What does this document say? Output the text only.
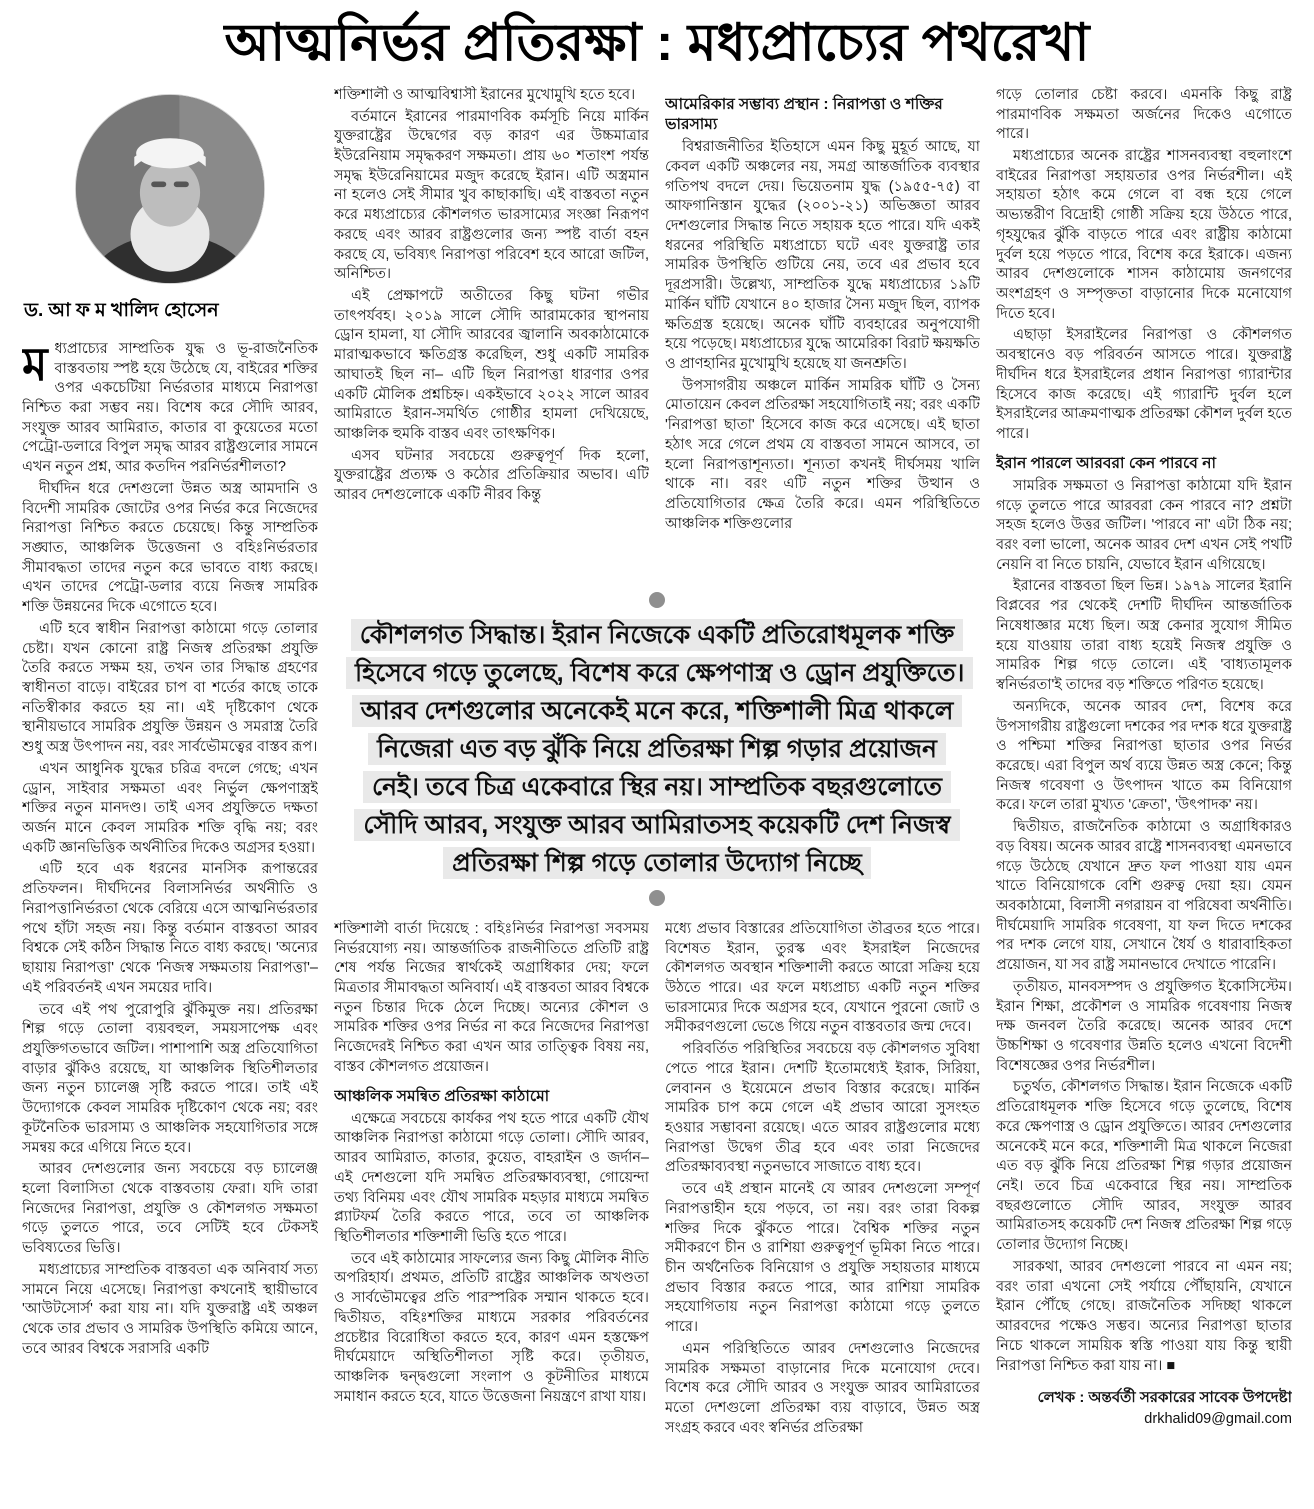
আত্মনির্ভর প্রতিরক্ষা : মধ্যপ্রাচ্যের পথরেখা
ড. আ ফ ম খালিদ হোসেন

মধ্যপ্রাচ্যের সাম্প্রতিক যুদ্ধ ও ভূ-রাজনৈতিক বাস্তবতায় স্পষ্ট হয়ে উঠেছে যে, বাইরের শক্তির ওপর একচেটিয়া নির্ভরতার মাধ্যমে নিরাপত্তা নিশ্চিত করা সম্ভব নয়। বিশেষ করে সৌদি আরব, সংযুক্ত আরব আমিরাত, কাতার বা কুয়েতের মতো পেট্রো-ডলারে বিপুল সমৃদ্ধ আরব রাষ্ট্রগুলোর সামনে এখন নতুন প্রশ্ন, আর কতদিন পরনির্ভরশীলতা?

দীর্ঘদিন ধরে দেশগুলো উন্নত অস্ত্র আমদানি ও বিদেশী সামরিক জোটের ওপর নির্ভর করে নিজেদের নিরাপত্তা নিশ্চিত করতে চেয়েছে। কিন্তু সাম্প্রতিক সঙ্ঘাত, আঞ্চলিক উত্তেজনা ও বহিঃনির্ভরতার সীমাবদ্ধতা তাদের নতুন করে ভাবতে বাধ্য করছে। এখন তাদের পেট্রো-ডলার ব্যয়ে নিজস্ব সামরিক শক্তি উন্নয়নের দিকে এগোতে হবে।

এটি হবে স্বাধীন নিরাপত্তা কাঠামো গড়ে তোলার চেষ্টা। যখন কোনো রাষ্ট্র নিজস্ব প্রতিরক্ষা প্রযুক্তি তৈরি করতে সক্ষম হয়, তখন তার সিদ্ধান্ত গ্রহণের স্বাধীনতা বাড়ে। বাইরের চাপ বা শর্তের কাছে তাকে নতিস্বীকার করতে হয় না। এই দৃষ্টিকোণ থেকে স্থানীয়ভাবে সামরিক প্রযুক্তি উন্নয়ন ও সমরাস্ত্র তৈরি শুধু অস্ত্র উৎপাদন নয়, বরং সার্বভৌমত্বের বাস্তব রূপ।

এখন আধুনিক যুদ্ধের চরিত্র বদলে গেছে; এখন ড্রোন, সাইবার সক্ষমতা এবং নির্ভুল ক্ষেপণাস্ত্রই শক্তির নতুন মানদণ্ড। তাই এসব প্রযুক্তিতে দক্ষতা অর্জন মানে কেবল সামরিক শক্তি বৃদ্ধি নয়; বরং একটি জ্ঞানভিত্তিক অর্থনীতির দিকেও অগ্রসর হওয়া।

এটি হবে এক ধরনের মানসিক রূপান্তরের প্রতিফলন। দীর্ঘদিনের বিলাসনির্ভর অর্থনীতি ও নিরাপত্তানির্ভরতা থেকে বেরিয়ে এসে আত্মনির্ভরতার পথে হাঁটা সহজ নয়। কিন্তু বর্তমান বাস্তবতা আরব বিশ্বকে সেই কঠিন সিদ্ধান্ত নিতে বাধ্য করছে। 'অন্যের ছায়ায় নিরাপত্তা' থেকে 'নিজস্ব সক্ষমতায় নিরাপত্তা'– এই পরিবর্তনই এখন সময়ের দাবি।

তবে এই পথ পুরোপুরি ঝুঁকিমুক্ত নয়। প্রতিরক্ষা শিল্প গড়ে তোলা ব্যয়বহুল, সময়সাপেক্ষ এবং প্রযুক্তিগতভাবে জটিল। পাশাপাশি অস্ত্র প্রতিযোগিতা বাড়ার ঝুঁকিও রয়েছে, যা আঞ্চলিক স্থিতিশীলতার জন্য নতুন চ্যালেঞ্জ সৃষ্টি করতে পারে। তাই এই উদ্যোগকে কেবল সামরিক দৃষ্টিকোণ থেকে নয়; বরং কূটনৈতিক ভারসাম্য ও আঞ্চলিক সহযোগিতার সঙ্গে সমন্বয় করে এগিয়ে নিতে হবে।

আরব দেশগুলোর জন্য সবচেয়ে বড় চ্যালেঞ্জ হলো বিলাসিতা থেকে বাস্তবতায় ফেরা। যদি তারা নিজেদের নিরাপত্তা, প্রযুক্তি ও কৌশলগত সক্ষমতা গড়ে তুলতে পারে, তবে সেটিই হবে টেকসই ভবিষ্যতের ভিত্তি।

মধ্যপ্রাচ্যের সাম্প্রতিক বাস্তবতা এক অনিবার্য সত্য সামনে নিয়ে এসেছে। নিরাপত্তা কখনোই স্থায়ীভাবে 'আউটসোর্স' করা যায় না। যদি যুক্তরাষ্ট্র এই অঞ্চল থেকে তার প্রভাব ও সামরিক উপস্থিতি কমিয়ে আনে, তবে আরব বিশ্বকে সরাসরি একটি

শক্তিশালী ও আত্মবিশ্বাসী ইরানের মুখোমুখি হতে হবে।

বর্তমানে ইরানের পারমাণবিক কর্মসূচি নিয়ে মার্কিন যুক্তরাষ্ট্রের উদ্বেগের বড় কারণ এর উচ্চমাত্রার ইউরেনিয়াম সমৃদ্ধকরণ সক্ষমতা। প্রায় ৬০ শতাংশ পর্যন্ত সমৃদ্ধ ইউরেনিয়ামের মজুদ করেছে ইরান। এটি অস্ত্রমান না হলেও সেই সীমার খুব কাছাকাছি। এই বাস্তবতা নতুন করে মধ্যপ্রাচ্যের কৌশলগত ভারসাম্যের সংজ্ঞা নিরূপণ করছে এবং আরব রাষ্ট্রগুলোর জন্য স্পষ্ট বার্তা বহন করছে যে, ভবিষ্যৎ নিরাপত্তা পরিবেশ হবে আরো জটিল, অনিশ্চিত।

এই প্রেক্ষাপটে অতীতের কিছু ঘটনা গভীর তাৎপর্যবহ। ২০১৯ সালে সৌদি আরামকোর স্থাপনায় ড্রোন হামলা, যা সৌদি আরবের জ্বালানি অবকাঠামোকে মারাত্মকভাবে ক্ষতিগ্রস্ত করেছিল, শুধু একটি সামরিক আঘাতই ছিল না– এটি ছিল নিরাপত্তা ধারণার ওপর একটি মৌলিক প্রশ্নচিহ্ন। একইভাবে ২০২২ সালে আরব আমিরাতে ইরান-সমর্থিত গোষ্ঠীর হামলা দেখিয়েছে, আঞ্চলিক হুমকি বাস্তব এবং তাৎক্ষণিক।

এসব ঘটনার সবচেয়ে গুরুত্বপূর্ণ দিক হলো, যুক্তরাষ্ট্রের প্রত্যক্ষ ও কঠোর প্রতিক্রিয়ার অভাব। এটি আরব দেশগুলোকে একটি নীরব কিন্তু

আমেরিকার সম্ভাব্য প্রস্থান : নিরাপত্তা ও শক্তির ভারসাম্য

বিশ্বরাজনীতির ইতিহাসে এমন কিছু মুহূর্ত আছে, যা কেবল একটি অঞ্চলের নয়, সমগ্র আন্তর্জাতিক ব্যবস্থার গতিপথ বদলে দেয়। ভিয়েতনাম যুদ্ধ (১৯৫৫-৭৫) বা আফগানিস্তান যুদ্ধের (২০০১-২১) অভিজ্ঞতা আরব দেশগুলোর সিদ্ধান্ত নিতে সহায়ক হতে পারে। যদি একই ধরনের পরিস্থিতি মধ্যপ্রাচ্যে ঘটে এবং যুক্তরাষ্ট্র তার সামরিক উপস্থিতি গুটিয়ে নেয়, তবে এর প্রভাব হবে দূরপ্রসারী। উল্লেখ্য, সাম্প্রতিক যুদ্ধে মধ্যপ্রাচ্যের ১৯টি মার্কিন ঘাঁটি যেখানে ৪০ হাজার সৈন্য মজুদ ছিল, ব্যাপক ক্ষতিগ্রস্ত হয়েছে। অনেক ঘাঁটি ব্যবহারের অনুপযোগী হয়ে পড়েছে। মধ্যপ্রাচ্যের যুদ্ধে আমেরিকা বিরাট ক্ষয়ক্ষতি ও প্রাণহানির মুখোমুখি হয়েছে যা জনশ্রুতি।

উপসাগরীয় অঞ্চলে মার্কিন সামরিক ঘাঁটি ও সৈন্য মোতায়েন কেবল প্রতিরক্ষা সহযোগিতাই নয়; বরং একটি 'নিরাপত্তা ছাতা' হিসেবে কাজ করে এসেছে। এই ছাতা হঠাৎ সরে গেলে প্রথম যে বাস্তবতা সামনে আসবে, তা হলো নিরাপত্তাশূন্যতা। শূন্যতা কখনই দীর্ঘসময় খালি থাকে না। বরং এটি নতুন শক্তির উত্থান ও প্রতিযোগিতার ক্ষেত্র তৈরি করে। এমন পরিস্থিতিতে আঞ্চলিক শক্তিগুলোর

কৌশলগত সিদ্ধান্ত। ইরান নিজেকে একটি প্রতিরোধমূলক শক্তি হিসেবে গড়ে তুলেছে, বিশেষ করে ক্ষেপণাস্ত্র ও ড্রোন প্রযুক্তিতে। আরব দেশগুলোর অনেকেই মনে করে, শক্তিশালী মিত্র থাকলে নিজেরা এত বড় ঝুঁকি নিয়ে প্রতিরক্ষা শিল্প গড়ার প্রয়োজন নেই। তবে চিত্র একেবারে স্থির নয়। সাম্প্রতিক বছরগুলোতে সৌদি আরব, সংযুক্ত আরব আমিরাতসহ কয়েকটি দেশ নিজস্ব প্রতিরক্ষা শিল্প গড়ে তোলার উদ্যোগ নিচ্ছে

শক্তিশালী বার্তা দিয়েছে : বহিঃনির্ভর নিরাপত্তা সবসময় নির্ভরযোগ্য নয়। আন্তর্জাতিক রাজনীতিতে প্রতিটি রাষ্ট্র শেষ পর্যন্ত নিজের স্বার্থকেই অগ্রাধিকার দেয়; ফলে মিত্রতার সীমাবদ্ধতা অনিবার্য। এই বাস্তবতা আরব বিশ্বকে নতুন চিন্তার দিকে ঠেলে দিচ্ছে। অন্যের কৌশল ও সামরিক শক্তির ওপর নির্ভর না করে নিজেদের নিরাপত্তা নিজেদেরই নিশ্চিত করা এখন আর তাত্ত্বিক বিষয় নয়, বাস্তব কৌশলগত প্রয়োজন।

আঞ্চলিক সমন্বিত প্রতিরক্ষা কাঠামো

এক্ষেত্রে সবচেয়ে কার্যকর পথ হতে পারে একটি যৌথ আঞ্চলিক নিরাপত্তা কাঠামো গড়ে তোলা। সৌদি আরব, আরব আমিরাত, কাতার, কুয়েত, বাহরাইন ও জর্দান– এই দেশগুলো যদি সমন্বিত প্রতিরক্ষাব্যবস্থা, গোয়েন্দা তথ্য বিনিময় এবং যৌথ সামরিক মহড়ার মাধ্যমে সমন্বিত প্ল্যাটফর্ম তৈরি করতে পারে, তবে তা আঞ্চলিক স্থিতিশীলতার শক্তিশালী ভিত্তি হতে পারে।

তবে এই কাঠামোর সাফল্যের জন্য কিছু মৌলিক নীতি অপরিহার্য। প্রথমত, প্রতিটি রাষ্ট্রের আঞ্চলিক অখণ্ডতা ও সার্বভৌমত্বের প্রতি পারস্পরিক সম্মান থাকতে হবে। দ্বিতীয়ত, বহিঃশক্তির মাধ্যমে সরকার পরিবর্তনের প্রচেষ্টার বিরোধিতা করতে হবে, কারণ এমন হস্তক্ষেপ দীর্ঘমেয়াদে অস্থিতিশীলতা সৃষ্টি করে। তৃতীয়ত, আঞ্চলিক দ্বন্দ্বগুলো সংলাপ ও কূটনীতির মাধ্যমে সমাধান করতে হবে, যাতে উত্তেজনা নিয়ন্ত্রণে রাখা যায়।

মধ্যে প্রভাব বিস্তারের প্রতিযোগিতা তীব্রতর হতে পারে। বিশেষত ইরান, তুরস্ক এবং ইসরাইল নিজেদের কৌশলগত অবস্থান শক্তিশালী করতে আরো সক্রিয় হয়ে উঠতে পারে। এর ফলে মধ্যপ্রাচ্য একটি নতুন শক্তির ভারসাম্যের দিকে অগ্রসর হবে, যেখানে পুরনো জোট ও সমীকরণগুলো ভেঙে গিয়ে নতুন বাস্তবতার জন্ম দেবে।

পরিবর্তিত পরিস্থিতির সবচেয়ে বড় কৌশলগত সুবিধা পেতে পারে ইরান। দেশটি ইতোমধ্যেই ইরাক, সিরিয়া, লেবানন ও ইয়েমেনে প্রভাব বিস্তার করেছে। মার্কিন সামরিক চাপ কমে গেলে এই প্রভাব আরো সুসংহত হওয়ার সম্ভাবনা রয়েছে। এতে আরব রাষ্ট্রগুলোর মধ্যে নিরাপত্তা উদ্বেগ তীব্র হবে এবং তারা নিজেদের প্রতিরক্ষাব্যবস্থা নতুনভাবে সাজাতে বাধ্য হবে।

তবে এই প্রস্থান মানেই যে আরব দেশগুলো সম্পূর্ণ নিরাপত্তাহীন হয়ে পড়বে, তা নয়। বরং তারা বিকল্প শক্তির দিকে ঝুঁকতে পারে। বৈশ্বিক শক্তির নতুন সমীকরণে চীন ও রাশিয়া গুরুত্বপূর্ণ ভূমিকা নিতে পারে। চীন অর্থনৈতিক বিনিয়োগ ও প্রযুক্তি সহায়তার মাধ্যমে প্রভাব বিস্তার করতে পারে, আর রাশিয়া সামরিক সহযোগিতায় নতুন নিরাপত্তা কাঠামো গড়ে তুলতে পারে।

এমন পরিস্থিতিতে আরব দেশগুলোও নিজেদের সামরিক সক্ষমতা বাড়ানোর দিকে মনোযোগ দেবে। বিশেষ করে সৌদি আরব ও সংযুক্ত আরব আমিরাতের মতো দেশগুলো প্রতিরক্ষা ব্যয় বাড়াবে, উন্নত অস্ত্র সংগ্রহ করবে এবং স্বনির্ভর প্রতিরক্ষা

গড়ে তোলার চেষ্টা করবে। এমনকি কিছু রাষ্ট্র পারমাণবিক সক্ষমতা অর্জনের দিকেও এগোতে পারে।

মধ্যপ্রাচ্যের অনেক রাষ্ট্রের শাসনব্যবস্থা বহুলাংশে বাইরের নিরাপত্তা সহায়তার ওপর নির্ভরশীল। এই সহায়তা হঠাৎ কমে গেলে বা বন্ধ হয়ে গেলে অভ্যন্তরীণ বিদ্রোহী গোষ্ঠী সক্রিয় হয়ে উঠতে পারে, গৃহযুদ্ধের ঝুঁকি বাড়তে পারে এবং রাষ্ট্রীয় কাঠামো দুর্বল হয়ে পড়তে পারে, বিশেষ করে ইরাকে। এজন্য আরব দেশগুলোকে শাসন কাঠামোয় জনগণের অংশগ্রহণ ও সম্পৃক্ততা বাড়ানোর দিকে মনোযোগ দিতে হবে।

এছাড়া ইসরাইলের নিরাপত্তা ও কৌশলগত অবস্থানেও বড় পরিবর্তন আসতে পারে। যুক্তরাষ্ট্র দীর্ঘদিন ধরে ইসরাইলের প্রধান নিরাপত্তা গ্যারান্টার হিসেবে কাজ করেছে। এই গ্যারান্টি দুর্বল হলে ইসরাইলের আক্রমণাত্মক প্রতিরক্ষা কৌশল দুর্বল হতে পারে।

ইরান পারলে আরবরা কেন পারবে না

সামরিক সক্ষমতা ও নিরাপত্তা কাঠামো যদি ইরান গড়ে তুলতে পারে আরবরা কেন পারবে না? প্রশ্নটা সহজ হলেও উত্তর জটিল। 'পারবে না' এটা ঠিক নয়; বরং বলা ভালো, অনেক আরব দেশ এখন সেই পথটি নেয়নি বা নিতে চায়নি, যেভাবে ইরান এগিয়েছে।

ইরানের বাস্তবতা ছিল ভিন্ন। ১৯৭৯ সালের ইরানি বিপ্লবের পর থেকেই দেশটি দীর্ঘদিন আন্তর্জাতিক নিষেধাজ্ঞার মধ্যে ছিল। অস্ত্র কেনার সুযোগ সীমিত হয়ে যাওয়ায় তারা বাধ্য হয়েই নিজস্ব প্রযুক্তি ও সামরিক শিল্প গড়ে তোলে। এই 'বাধ্যতামূলক স্বনির্ভরতা'ই তাদের বড় শক্তিতে পরিণত হয়েছে।

অন্যদিকে, অনেক আরব দেশ, বিশেষ করে উপসাগরীয় রাষ্ট্রগুলো দশকের পর দশক ধরে যুক্তরাষ্ট্র ও পশ্চিমা শক্তির নিরাপত্তা ছাতার ওপর নির্ভর করেছে। এরা বিপুল অর্থ ব্যয়ে উন্নত অস্ত্র কেনে; কিন্তু নিজস্ব গবেষণা ও উৎপাদন খাতে কম বিনিয়োগ করে। ফলে তারা মুখ্যত 'ক্রেতা', 'উৎপাদক' নয়।

দ্বিতীয়ত, রাজনৈতিক কাঠামো ও অগ্রাধিকারও বড় বিষয়। অনেক আরব রাষ্ট্রে শাসনব্যবস্থা এমনভাবে গড়ে উঠেছে যেখানে দ্রুত ফল পাওয়া যায় এমন খাতে বিনিয়োগকে বেশি গুরুত্ব দেয়া হয়। যেমন অবকাঠামো, বিলাসী নগরায়ন বা পরিষেবা অর্থনীতি। দীর্ঘমেয়াদি সামরিক গবেষণা, যা ফল দিতে দশকের পর দশক লেগে যায়, সেখানে ধৈর্য ও ধারাবাহিকতা প্রয়োজন, যা সব রাষ্ট্র সমানভাবে দেখাতে পারেনি।

তৃতীয়ত, মানবসম্পদ ও প্রযুক্তিগত ইকোসিস্টেম। ইরান শিক্ষা, প্রকৌশল ও সামরিক গবেষণায় নিজস্ব দক্ষ জনবল তৈরি করেছে। অনেক আরব দেশে উচ্চশিক্ষা ও গবেষণার উন্নতি হলেও এখনো বিদেশী বিশেষজ্ঞের ওপর নির্ভরশীল।

চতুর্থত, কৌশলগত সিদ্ধান্ত। ইরান নিজেকে একটি প্রতিরোধমূলক শক্তি হিসেবে গড়ে তুলেছে, বিশেষ করে ক্ষেপণাস্ত্র ও ড্রোন প্রযুক্তিতে। আরব দেশগুলোর অনেকেই মনে করে, শক্তিশালী মিত্র থাকলে নিজেরা এত বড় ঝুঁকি নিয়ে প্রতিরক্ষা শিল্প গড়ার প্রয়োজন নেই। তবে চিত্র একেবারে স্থির নয়। সাম্প্রতিক বছরগুলোতে সৌদি আরব, সংযুক্ত আরব আমিরাতসহ কয়েকটি দেশ নিজস্ব প্রতিরক্ষা শিল্প গড়ে তোলার উদ্যোগ নিচ্ছে।

সারকথা, আরব দেশগুলো পারবে না এমন নয়; বরং তারা এখনো সেই পর্যায়ে পৌঁছায়নি, যেখানে ইরান পৌঁছে গেছে। রাজনৈতিক সদিচ্ছা থাকলে আরবদের পক্ষেও সম্ভব। অন্যের নিরাপত্তা ছাতার নিচে থাকলে সাময়িক স্বস্তি পাওয়া যায় কিন্তু স্থায়ী নিরাপত্তা নিশ্চিত করা যায় না। ■

লেখক : অন্তর্বর্তী সরকারের সাবেক উপদেষ্টা
drkhalid09@gmail.com
